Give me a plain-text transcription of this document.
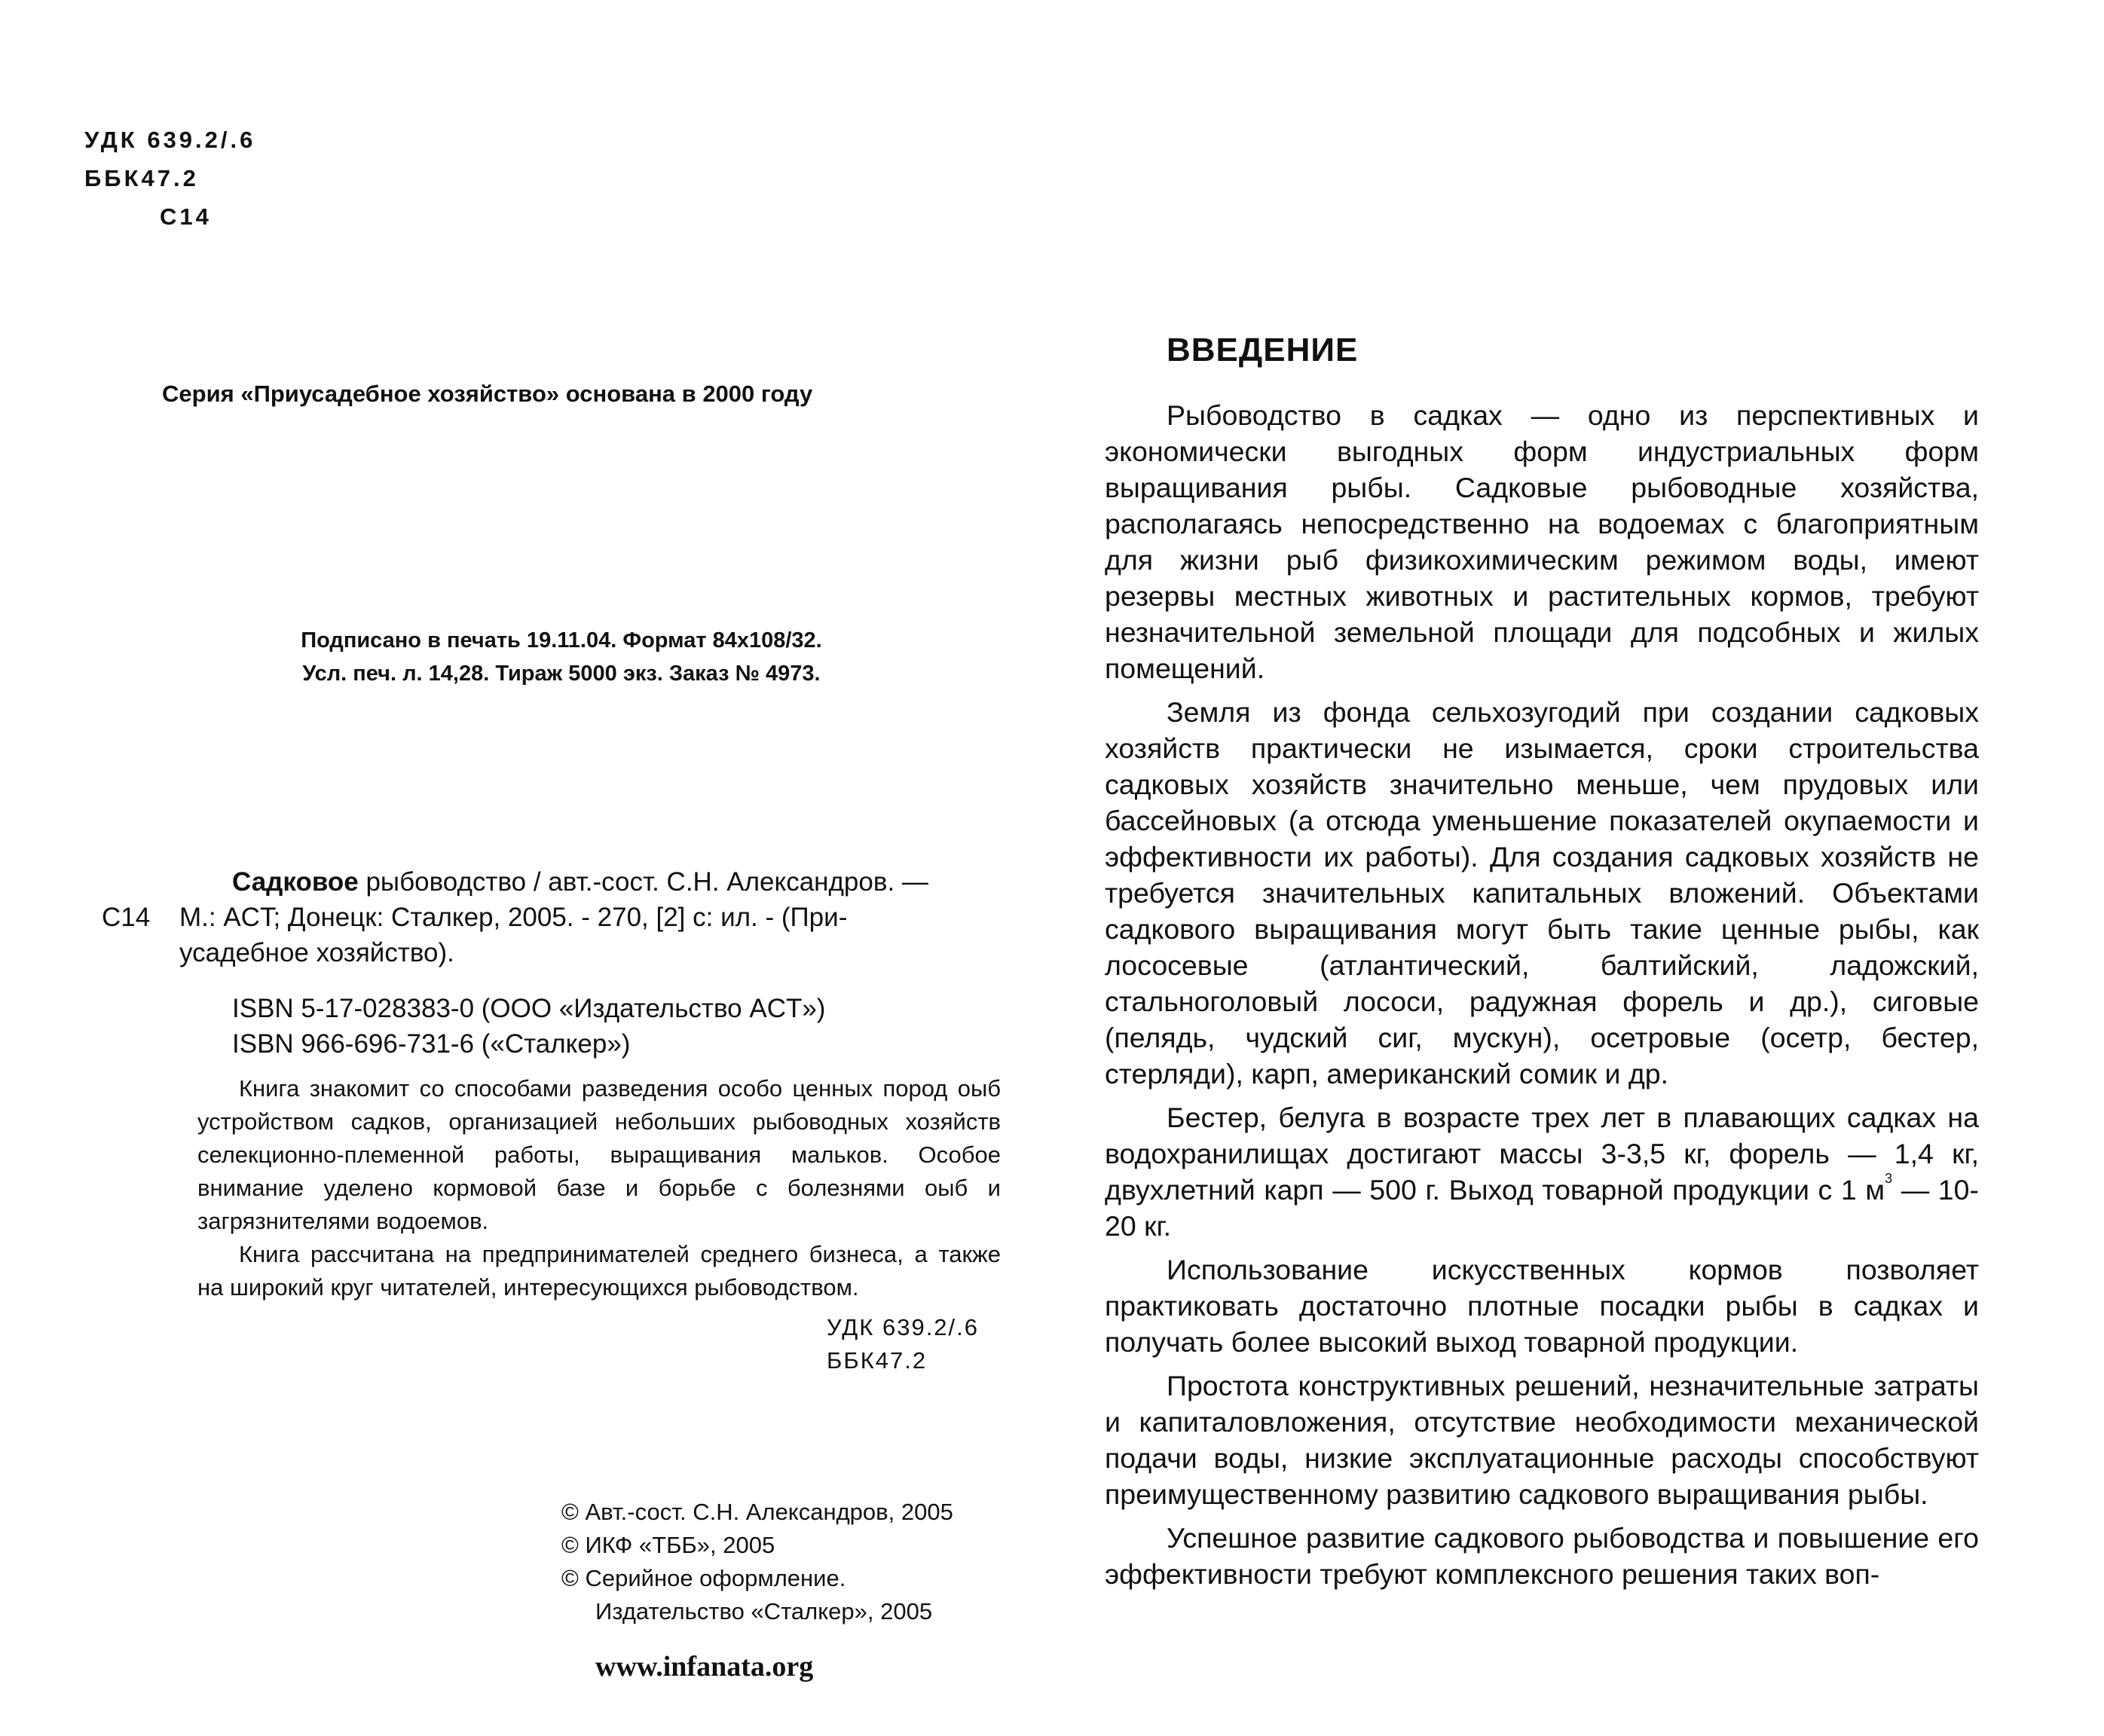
УДК 639.2/.6
ББК47.2
С14
Серия «Приусадебное хозяйство» основана в 2000 году
Подписано в печать 19.11.04. Формат 84x108/32.
Усл. печ. л. 14,28. Тираж 5000 экз. Заказ № 4973.
С14
Садковое рыбоводство / авт.-сост. С.Н. Александров. —
М.: ACT; Донецк: Сталкер, 2005. - 270, [2] с: ил. - (При-
усадебное хозяйство).
ISBN 5-17-028383-0 (ООО «Издательство ACT»)
ISBN 966-696-731-6 («Сталкер»)

Книга знакомит со способами разведения особо ценных пород оыб устройством садков, организацией небольших рыбоводных хозяйств селекционно-племенной работы, выращивания мальков. Особое внимание уделено кормовой базе и борьбе с болезнями оыб и загрязнителями водоемов.

Книга рассчитана на предпринимателей среднего бизнеса, а также на широкий круг читателей, интересующихся рыбоводством.

УДК 639.2/.6
ББК47.2
© Авт.-сост. С.Н. Александров, 2005
© ИКФ «ТББ», 2005
© Серийное оформление.
Издательство «Сталкер», 2005
www.infanata.org
ВВЕДЕНИЕ

Рыбоводство в садках — одно из перспективных и экономически выгодных форм индустриальных форм выращивания рыбы. Садковые рыбоводные хозяйства, располагаясь непосредственно на водоемах с благоприятным для жизни рыб физикохимическим режимом воды, имеют резервы местных животных и растительных кормов, требуют незначительной земельной площади для подсобных и жилых помещений.

Земля из фонда сельхозугодий при создании садковых хозяйств практически не изымается, сроки строительства садковых хозяйств значительно меньше, чем прудовых или бассейновых (а отсюда уменьшение показателей окупаемости и эффективности их работы). Для создания садковых хозяйств не требуется значительных капитальных вложений. Объектами садкового выращивания могут быть такие ценные рыбы, как лососевые (атлантический, балтийский, ладожский, стальноголовый лососи, радужная форель и др.), сиговые (пелядь, чудский сиг, мускун), осетровые (осетр, бестер, стерляди), карп, американский сомик и др.

Бестер, белуга в возрасте трех лет в плавающих садках на водохранилищах достигают массы 3-3,5 кг, форель — 1,4 кг, двухлетний карп — 500 г. Выход товарной продукции с 1 $м^3$ — 10-20 кг.

Использование искусственных кормов позволяет практиковать достаточно плотные посадки рыбы в садках и получать более высокий выход товарной продукции.

Простота конструктивных решений, незначительные затраты и капиталовложения, отсутствие необходимости механической подачи воды, низкие эксплуатационные расходы способствуют преимущественному развитию садкового выращивания рыбы.

Успешное развитие садкового рыбоводства и повышение его эффективности требуют комплексного решения таких воп-
